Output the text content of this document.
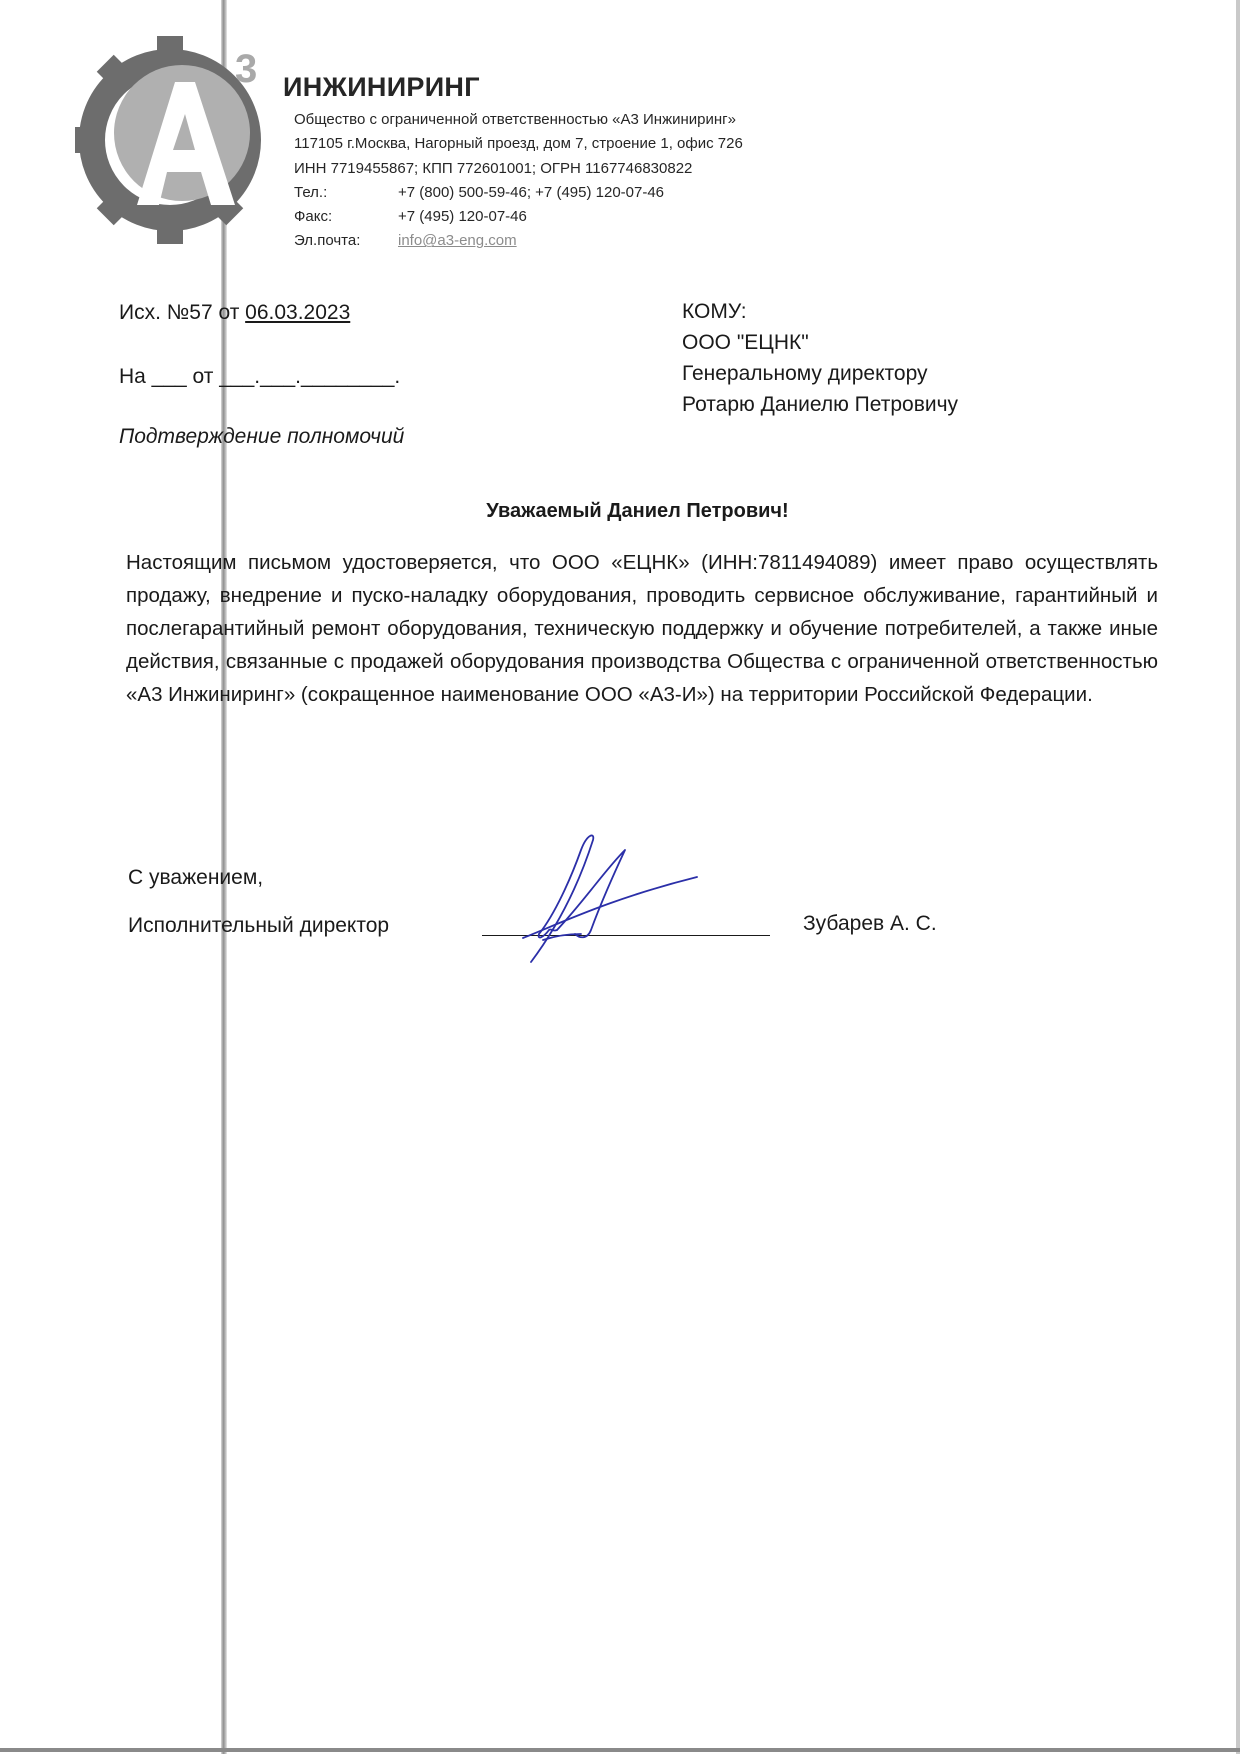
3 ИНЖИНИРИНГ
Общество с ограниченной ответственностью «А3 Инжиниринг»
117105 г.Москва, Нагорный проезд, дом 7, строение 1, офис 726
ИНН 7719455867; КПП 772601001; ОГРН 1167746830822
Тел.:	+7 (800) 500-59-46; +7 (495) 120-07-46
Факс:	+7 (495) 120-07-46
Эл.почта:	info@a3-eng.com
Исх. №57 от 06.03.2023
На ___ от ___.___.________.
Подтверждение полномочий
КОМУ:
ООО "ЕЦНК"
Генеральному директору
Ротарю Даниелю Петровичу
Уважаемый Даниел Петрович!
Настоящим письмом удостоверяется, что ООО «ЕЦНК» (ИНН:7811494089) имеет право осуществлять продажу, внедрение и пуско-наладку оборудования, проводить сервисное обслуживание, гарантийный и послегарантийный ремонт оборудования, техническую поддержку и обучение потребителей, а также иные действия, связанные с продажей оборудования производства Общества с ограниченной ответственностью «А3 Инжиниринг» (сокращенное наименование ООО «А3-И») на территории Российской Федерации.
С уважением,
Исполнительный директор	Зубарев А. С.
